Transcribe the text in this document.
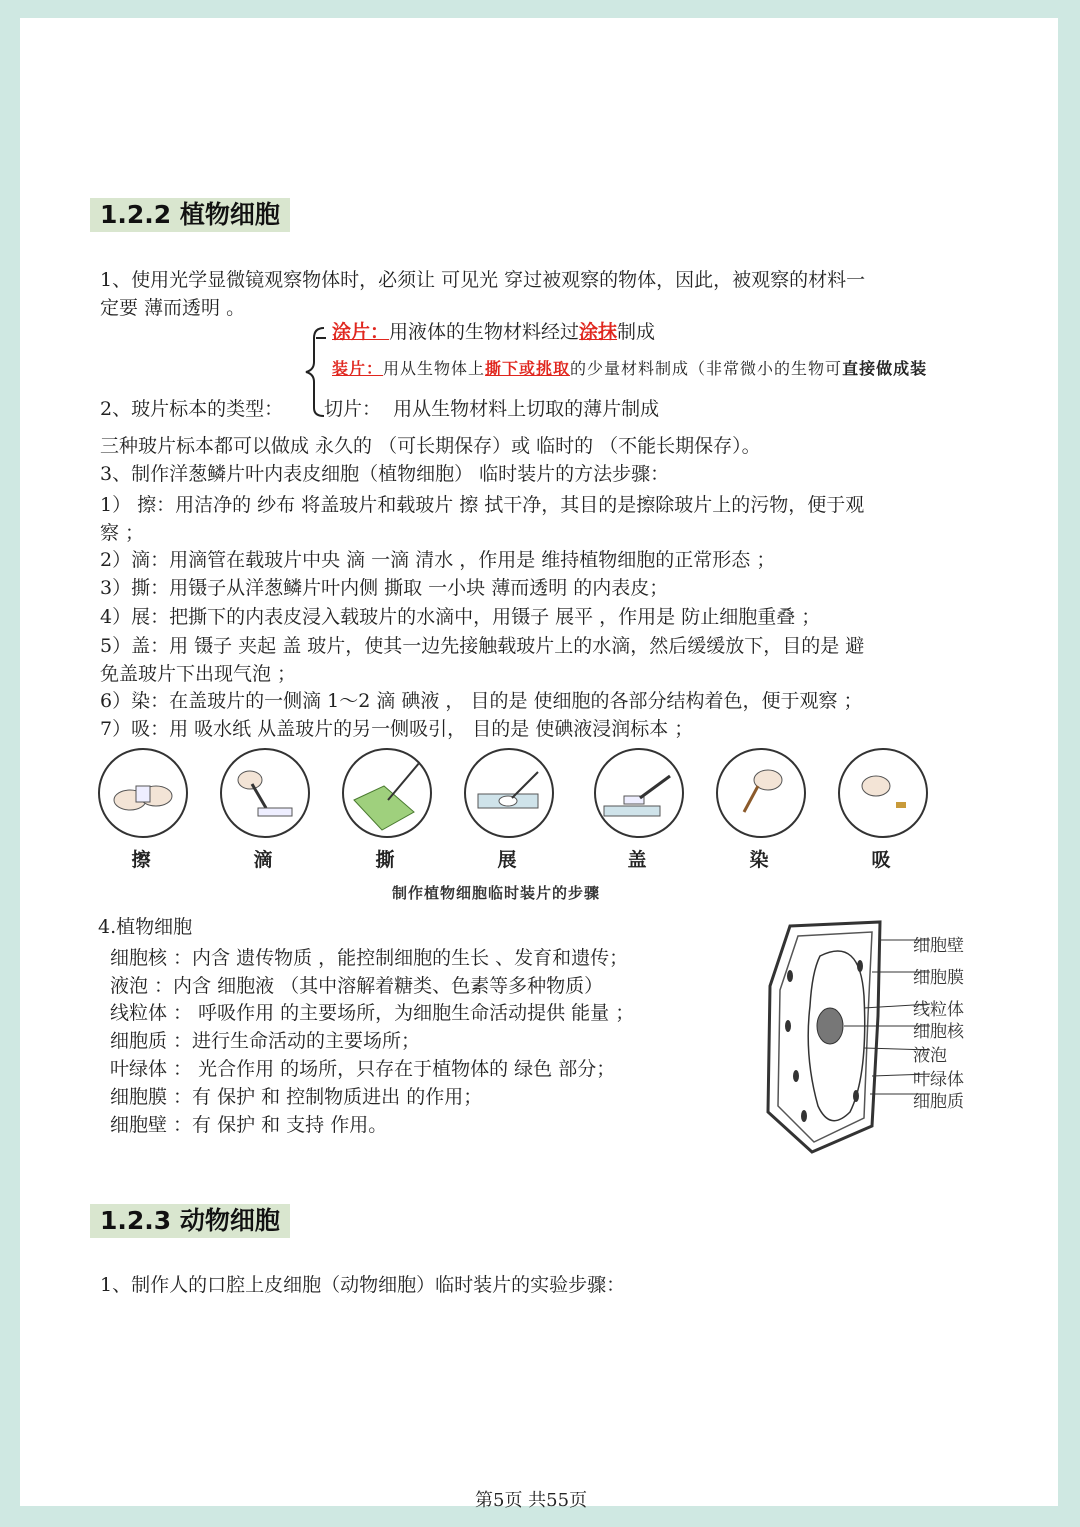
1.2.2 植物细胞
1、使用光学显微镜观察物体时，必须让 可见光 穿过被观察的物体，因此，被观察的材料一
定要 薄而透明 。
涂片：用液体的生物材料经过涂抹制成
装片：用从生物体上撕下或挑取的少量材料制成（非常微小的生物可直接做成装
2、玻片标本的类型： 切片： 用从生物材料上切取的薄片制成
三种玻片标本都可以做成 永久的 （可长期保存）或 临时的 （不能长期保存）。
3、制作洋葱鳞片叶内表皮细胞（植物细胞） 临时装片的方法步骤：
1） 擦：用洁净的 纱布 将盖玻片和载玻片 擦 拭干净，其目的是擦除玻片上的污物，便于观
察 ；
2）滴：用滴管在载玻片中央 滴 一滴 清水 ，作用是 维持植物细胞的正常形态 ；
3）撕：用镊子从洋葱鳞片叶内侧 撕取 一小块 薄而透明 的内表皮；
4）展：把撕下的内表皮浸入载玻片的水滴中，用镊子 展平 ，作用是 防止细胞重叠 ；
5）盖：用 镊子 夹起 盖 玻片，使其一边先接触载玻片上的水滴，然后缓缓放下，目的是 避
免盖玻片下出现气泡 ；
6）染：在盖玻片的一侧滴 1～2 滴 碘液 ， 目的是 使细胞的各部分结构着色，便于观察 ；
7）吸：用 吸水纸 从盖玻片的另一侧吸引， 目的是 使碘液浸润标本 ；
擦	滴	撕	展	盖	染	吸
制作植物细胞临时装片的步骤
4.植物细胞
细胞核 ：内含 遗传物质 ，能控制细胞的生长 、发育和遗传；
液泡 ：内含 细胞液 （其中溶解着糖类、色素等多种物质）
线粒体 ： 呼吸作用 的主要场所，为细胞生命活动提供 能量 ；
细胞质 ：进行生命活动的主要场所；
叶绿体 ： 光合作用 的场所，只存在于植物体的 绿色 部分；
细胞膜 ：有 保护 和 控制物质进出 的作用；
细胞壁 ：有 保护 和 支持 作用。
细胞壁
细胞膜
线粒体
细胞核
液泡
叶绿体
细胞质
1.2.3 动物细胞
1、制作人的口腔上皮细胞（动物细胞）临时装片的实验步骤：
第5页 共55页
